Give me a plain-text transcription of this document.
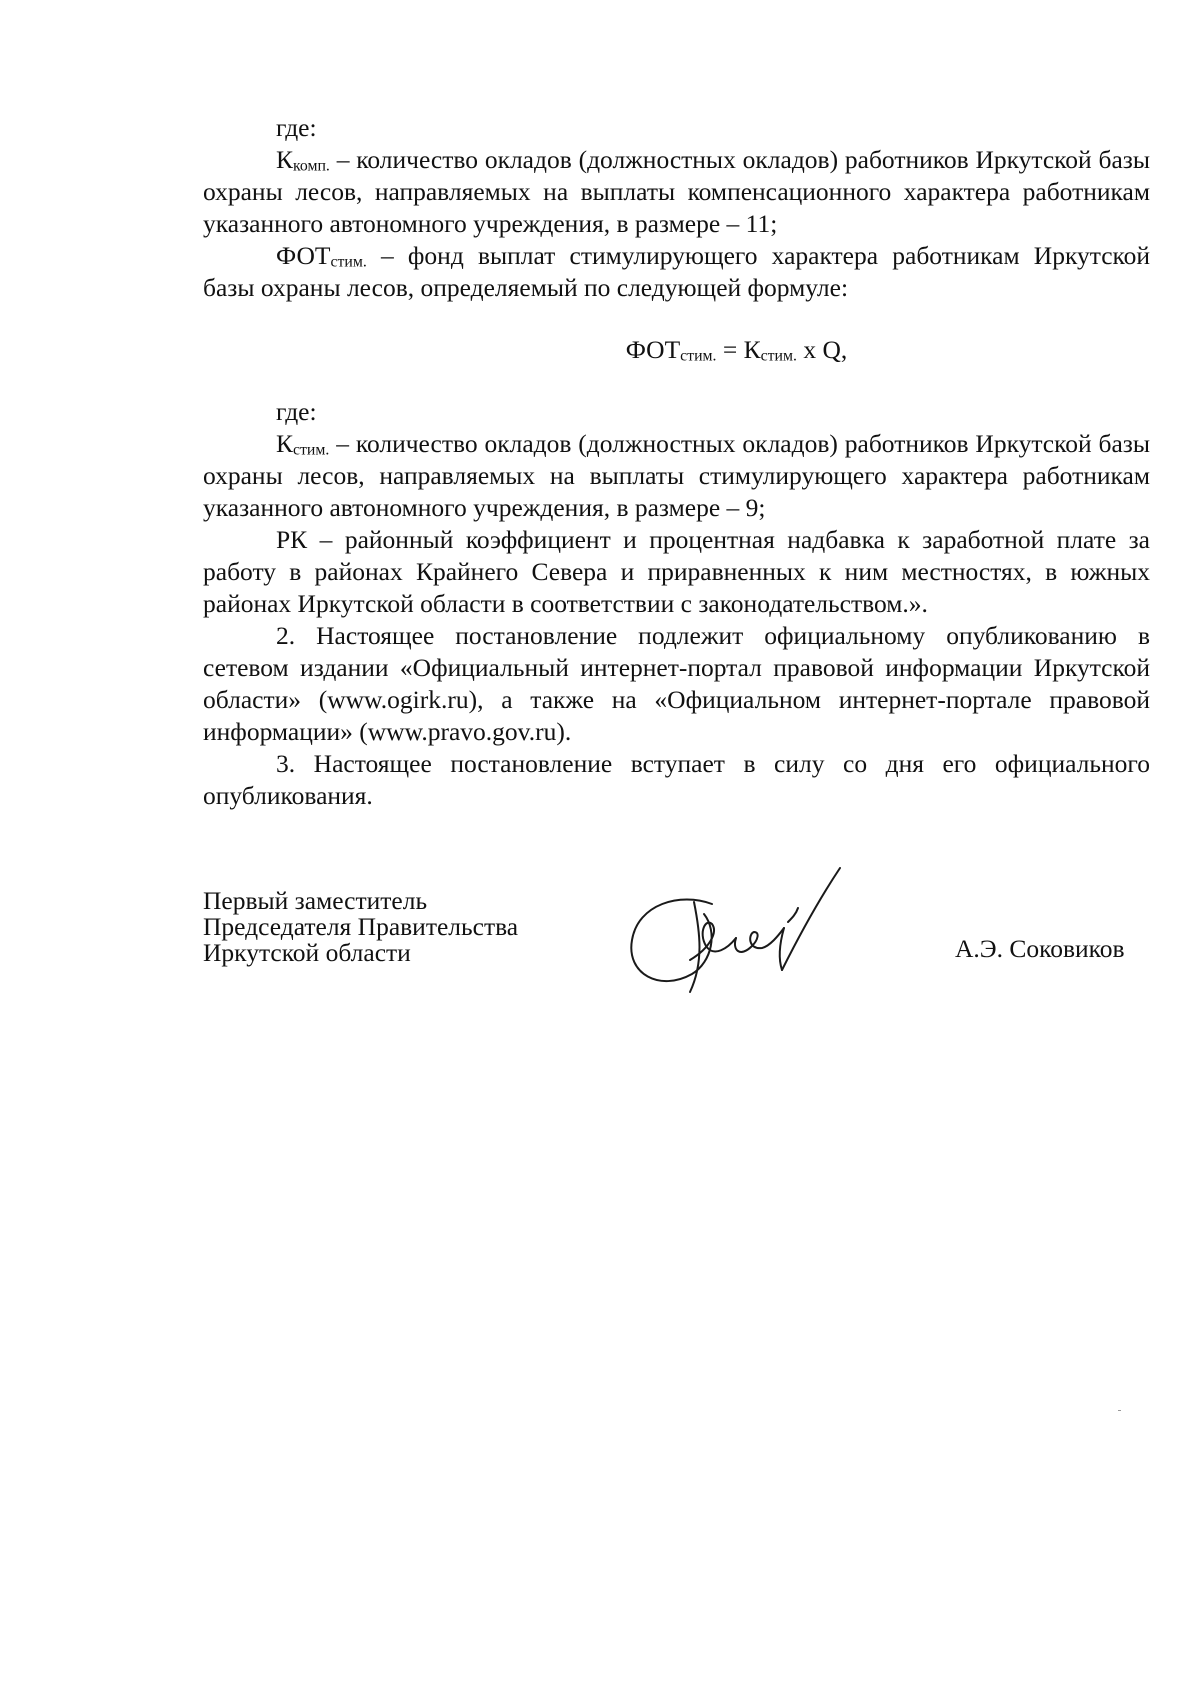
где:

$К_{комп.}$ – количество окладов (должностных окладов) работников Иркутской базы охраны лесов, направляемых на выплаты компенсационного характера работникам указанного автономного учреждения, в размере – 11;

$ФОТ_{стим.}$ – фонд выплат стимулирующего характера работникам Иркутской базы охраны лесов, определяемый по следующей формуле:

$ФОТ_{стим.} = К_{стим.}$ x Q,

где:

$К_{стим.}$ – количество окладов (должностных окладов) работников Иркутской базы охраны лесов, направляемых на выплаты стимулирующего характера работникам указанного автономного учреждения, в размере – 9;

РК – районный коэффициент и процентная надбавка к заработной плате за работу в районах Крайнего Севера и приравненных к ним местностях, в южных районах Иркутской области в соответствии с законодательством.».

2. Настоящее постановление подлежит официальному опубликованию в сетевом издании «Официальный интернет-портал правовой информации Иркутской области» (www.ogirk.ru), а также на «Официальном интернет-портале правовой информации» (www.pravo.gov.ru).

3. Настоящее постановление вступает в силу со дня его официального опубликования.

Первый заместитель
Председателя Правительства
Иркутской области	А.Э. Соковиков
